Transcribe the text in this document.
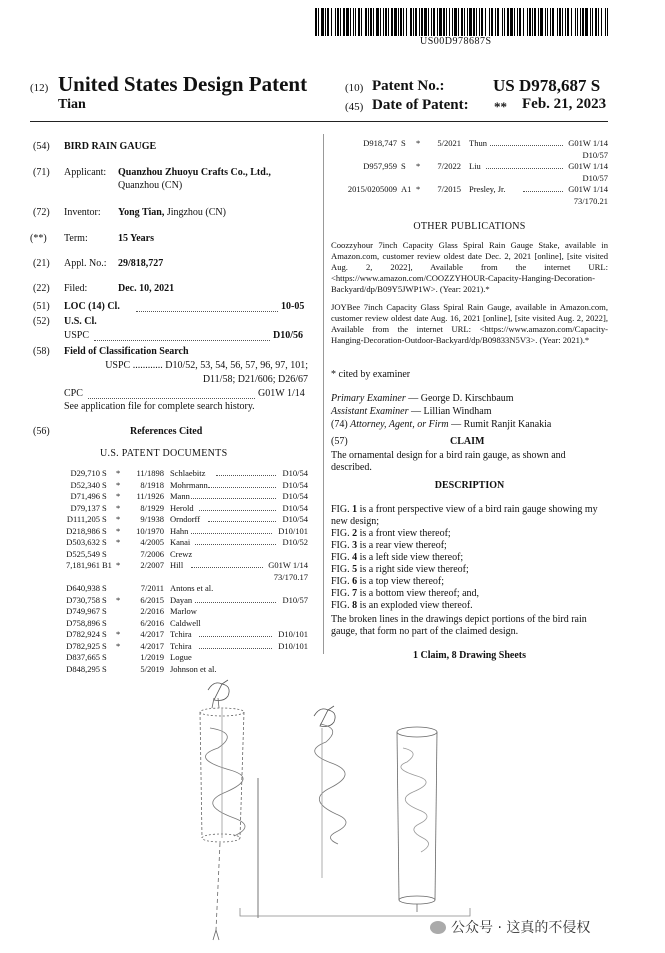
US00D978687S
(12) United States Design Patent
Tian
(10) Patent No.:	US D978,687 S
(45) Date of Patent: ** Feb. 21, 2023
(54) BIRD RAIN GAUGE
(71) Applicant: Quanzhou Zhuoyu Crafts Co., Ltd.,
Quanzhou (CN)
(72) Inventor: Yong Tian, Jingzhou (CN)
(**) Term:	15 Years
(21) Appl. No.: 29/818,727
(22) Filed:	Dec. 10, 2021
(51) LOC (14) Cl.	10-05
(52) U.S. Cl.
USPC	D10/56
(58) Field of Classification Search
USPC ............ D10/52, 53, 54, 56, 57, 96, 97, 101;
D11/58; D21/606; D26/67
CPC	G01W 1/14
See application file for complete search history.
(56)	References Cited
U.S. PATENT DOCUMENTS
D29,710 S *	11/1898 Schlaebitz	D10/54
D52,340 S *	8/1918 Mohrmann	D10/54
D71,496 S *	11/1926 Mann	D10/54
D79,137 S *	8/1929 Herold	D10/54
D111,205 S *	9/1938 Orndorff	D10/54
D218,986 S *	10/1970 Hahn	D10/101
D503,632 S *	4/2005 Kanai	D10/52
D525,549 S	7/2006 Crewz
7,181,961 B1 *	2/2007 Hill	G01W 1/14
73/170.17
D640,938 S	7/2011 Antons et al.
D730,758 S *	6/2015 Dayan	D10/57
D749,967 S	2/2016 Marlow
D758,896 S	6/2016 Caldwell
D782,924 S *	4/2017 Tchira	D10/101
D782,925 S *	4/2017 Tchira	D10/101
D837,665 S	1/2019 Logue
D848,295 S	5/2019 Johnson et al.
D918,747 S *	5/2021 Thun	G01W 1/14
D10/57
D957,959 S *	7/2022 Liu	G01W 1/14
D10/57
2015/0205009 A1 *	7/2015 Presley, Jr.	G01W 1/14
73/170.21
OTHER PUBLICATIONS
Coozzyhour 7inch Capacity Glass Spiral Rain Gauge Stake, available in Amazon.com, customer review oldest date Dec. 2, 2021 [online], [site visited Aug. 2, 2022], Available from the internet URL: <https://www.amazon.com/COOZZYHOUR-Capacity-Hanging-Decoration-Backyard/dp/B09Y5JWP1W>. (Year: 2021).*
JOYBee 7inch Capacity Glass Spiral Rain Gauge, available in Amazon.com, customer review oldest date Aug. 16, 2021 [online], [site visited Aug. 2, 2022], Available from the internet URL: <https://www.amazon.com/Capacity-Hanging-Decoration-Outdoor-Backyard/dp/B09833N5V3>. (Year: 2021).*
* cited by examiner
Primary Examiner — George D. Kirschbaum
Assistant Examiner — Lillian Windham
(74) Attorney, Agent, or Firm — Rumit Ranjit Kanakia
(57)	CLAIM
The ornamental design for a bird rain gauge, as shown and described.
DESCRIPTION
FIG. 1 is a front perspective view of a bird rain gauge showing my new design;
FIG. 2 is a front view thereof;
FIG. 3 is a rear view thereof;
FIG. 4 is a left side view thereof;
FIG. 5 is a right side view thereof;
FIG. 6 is a top view thereof;
FIG. 7 is a bottom view thereof; and,
FIG. 8 is an exploded view thereof.
The broken lines in the drawings depict portions of the bird rain gauge, that form no part of the claimed design.
1 Claim, 8 Drawing Sheets
公众号 · 这真的不侵权
